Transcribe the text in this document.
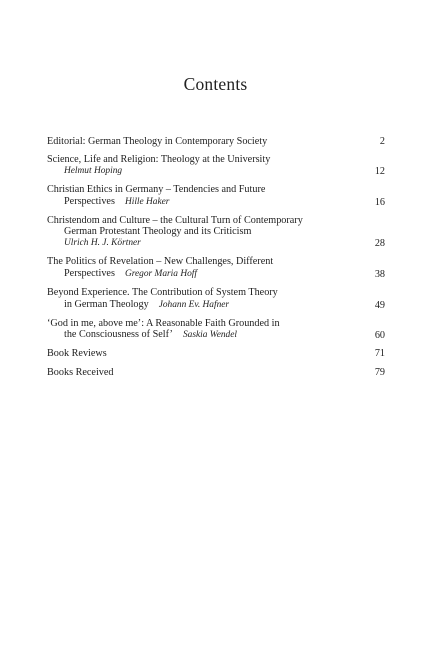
Contents
Editorial: German Theology in Contemporary Society	2
Science, Life and Religion: Theology at the University
Helmut Hoping	12
Christian Ethics in Germany – Tendencies and Future
Perspectives Hille Haker	16
Christendom and Culture – the Cultural Turn of Contemporary
German Protestant Theology and its Criticism
Ulrich H. J. Körtner	28
The Politics of Revelation – New Challenges, Different
Perspectives Gregor Maria Hoff	38
Beyond Experience. The Contribution of System Theory
in German Theology Johann Ev. Hafner	49
‘God in me, above me’: A Reasonable Faith Grounded in
the Consciousness of Self’ Saskia Wendel	60
Book Reviews	71
Books Received	79
